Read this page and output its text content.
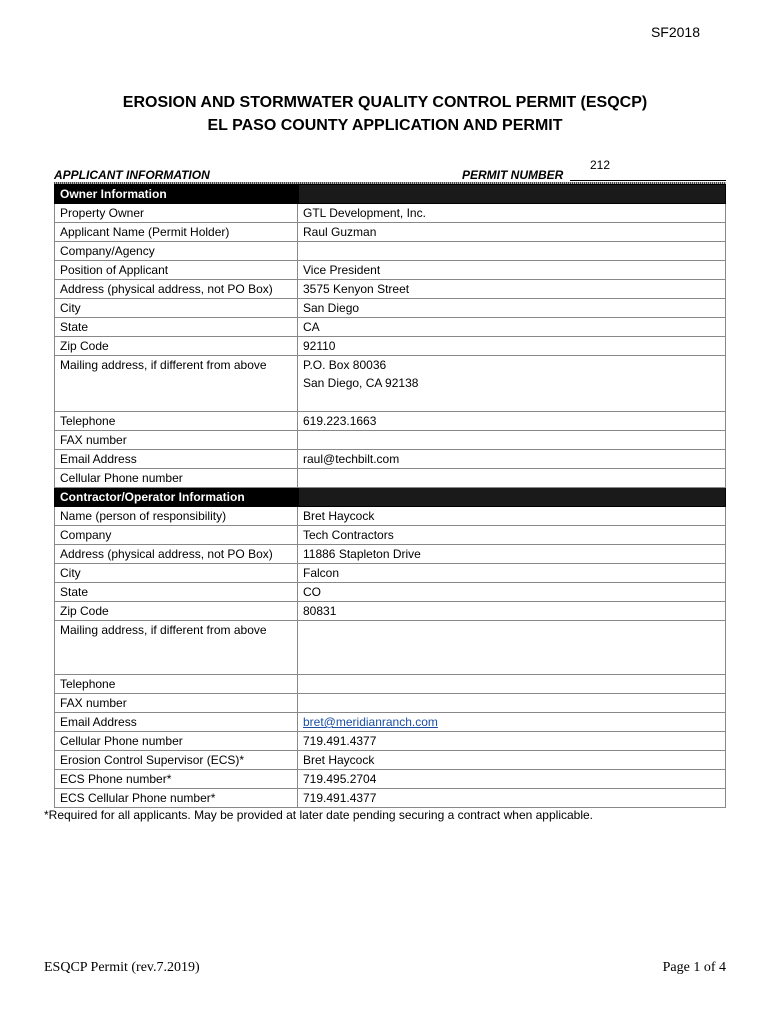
SF2018
EROSION AND STORMWATER QUALITY CONTROL PERMIT (ESQCP)
EL PASO COUNTY APPLICATION AND PERMIT
APPLICANT INFORMATION	PERMIT NUMBER
212
Owner Information	
Property Owner	GTL Development, Inc.
Applicant Name (Permit Holder)	Raul Guzman
Company/Agency	
Position of Applicant	Vice President
Address (physical address, not PO Box)	3575 Kenyon Street
City	San Diego
State	CA
Zip Code	92110
Mailing address, if different from above	P.O. Box 80036
San Diego, CA 92138

Telephone	619.223.1663
FAX number	
Email Address	raul@techbilt.com
Cellular Phone number	
Contractor/Operator Information	
Name (person of responsibility)	Bret Haycock
Company	Tech Contractors
Address (physical address, not PO Box)	11886 Stapleton Drive
City	Falcon
State	CO
Zip Code	80831
Mailing address, if different from above	
Telephone	
FAX number	
Email Address	bret@meridianranch.com
Cellular Phone number	719.491.4377
Erosion Control Supervisor (ECS)*	Bret Haycock
ECS Phone number*	719.495.2704
ECS Cellular Phone number*	719.491.4377
*Required for all applicants. May be provided at later date pending securing a contract when applicable.
ESQCP Permit (rev.7.2019)	Page 1 of 4
